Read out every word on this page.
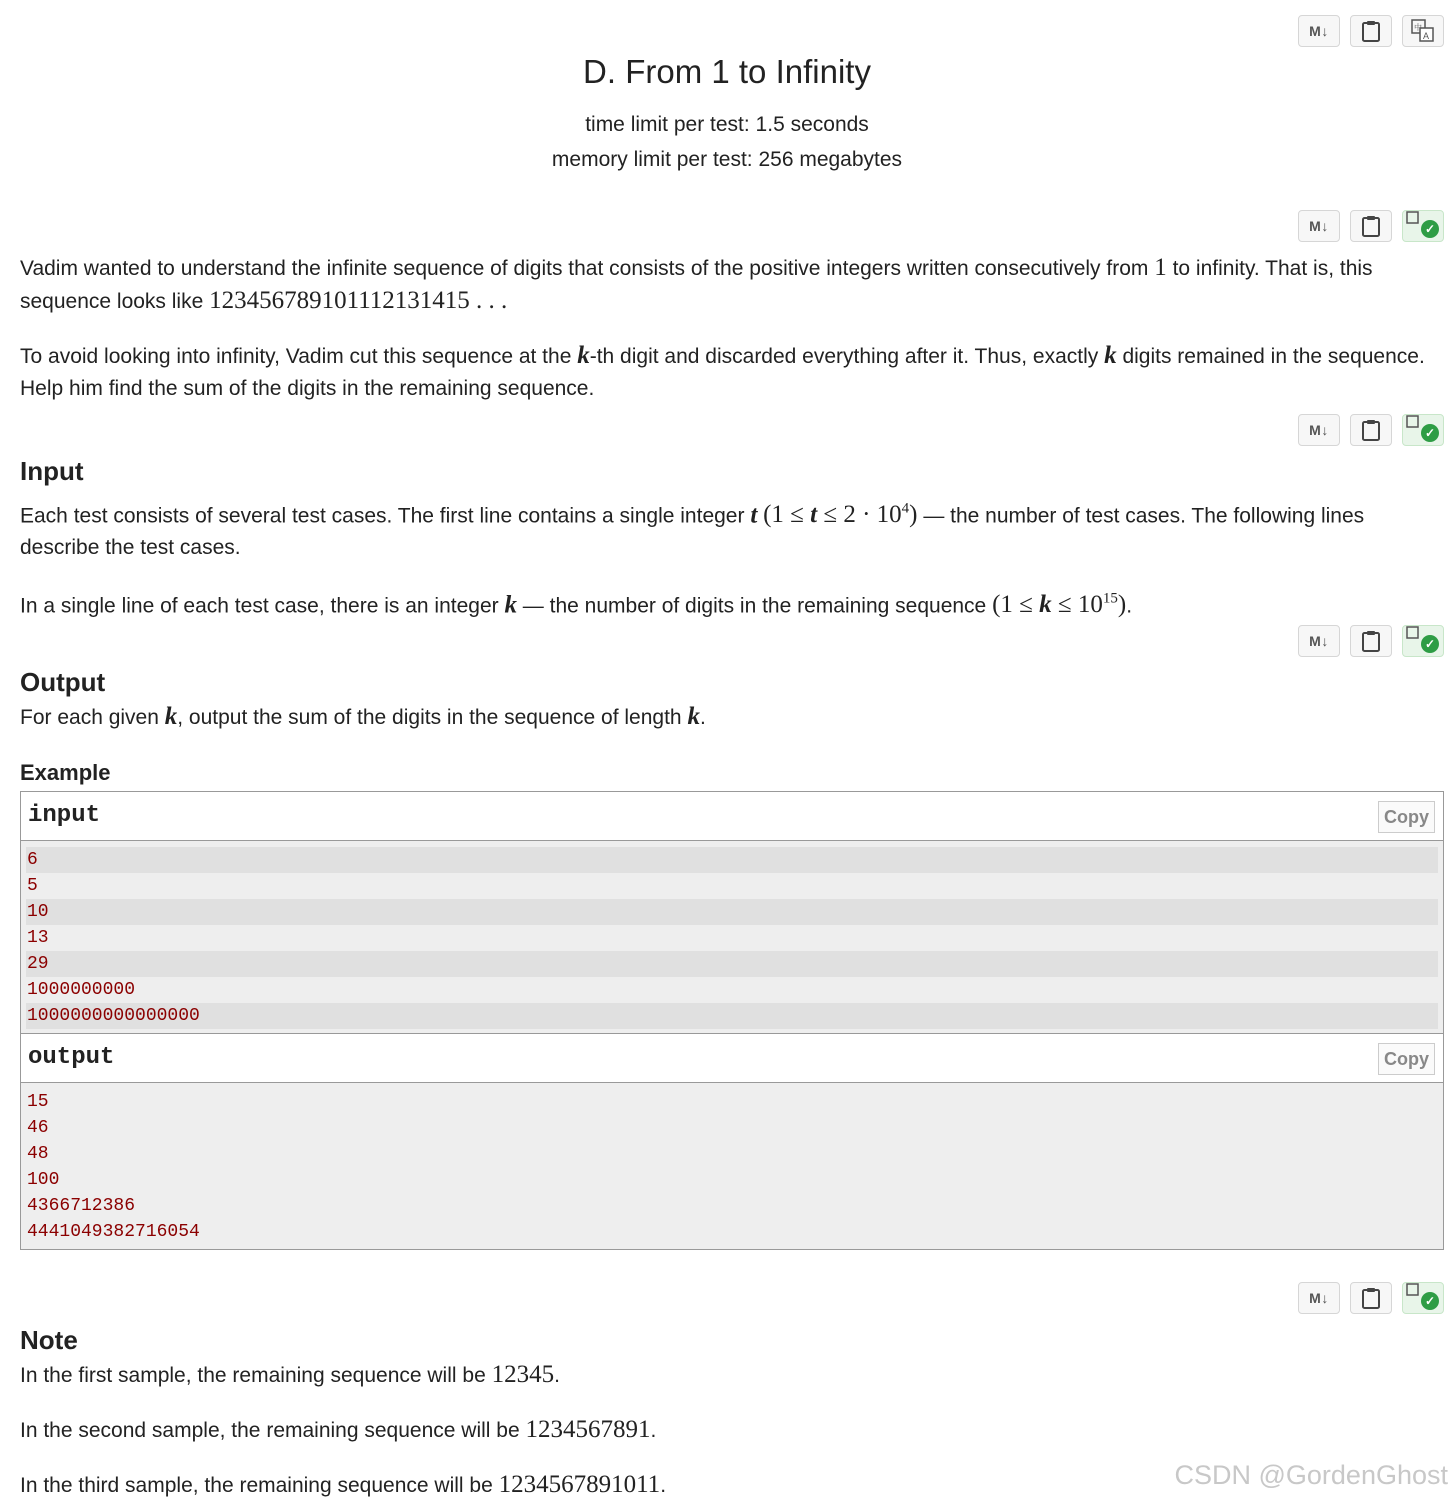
M↓	A
中
D. From 1 to Infinity
time limit per test: 1.5 seconds
memory limit per test: 256 megabytes
M↓	✓
Vadim wanted to understand the infinite sequence of digits that consists of the positive integers written consecutively from 1 to infinity. That is, this sequence looks like 123456789101112131415 . . .
To avoid looking into infinity, Vadim cut this sequence at the k-th digit and discarded everything after it. Thus, exactly k digits remained in the sequence. Help him find the sum of the digits in the remaining sequence.
M↓	✓
Input
Each test consists of several test cases. The first line contains a single integer t $(1 \le t \le 2 \cdot 10^4)$ — the number of test cases. The following lines describe the test cases.
In a single line of each test case, there is an integer k — the number of digits in the remaining sequence $(1 \le k \le 10^{15})$.
M↓	✓
Output
For each given k, output the sum of the digits in the sequence of length k.
Example
input	Copy
6
5
10
13
29
1000000000
1000000000000000
output	Copy
15
46
48
100
4366712386
4441049382716054
M↓	✓
Note
In the first sample, the remaining sequence will be 12345.
In the second sample, the remaining sequence will be 1234567891.
In the third sample, the remaining sequence will be 1234567891011.	CSDN @GordenGhost
